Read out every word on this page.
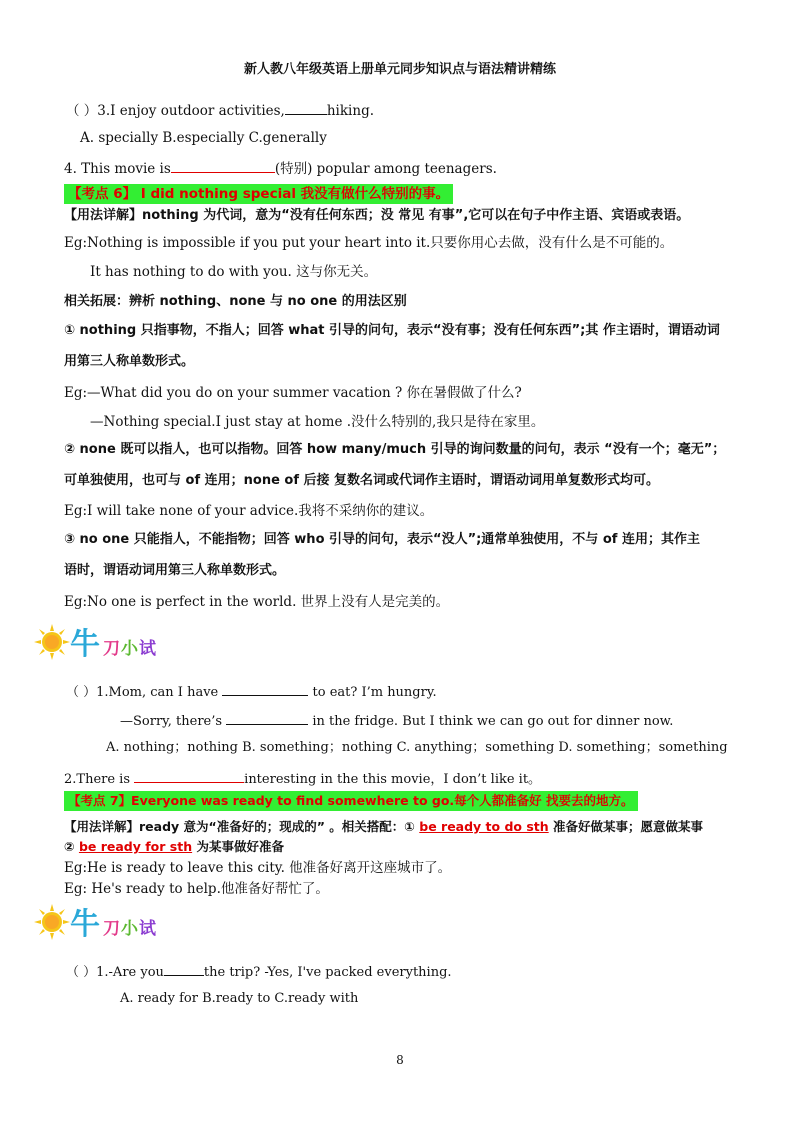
新人教八年级英语上册单元同步知识点与语法精讲精练
（ ）3.I enjoy outdoor activities,	hiking.
A. specially B.especially C.generally
4. This movie is	(特别) popular among teenagers.
【考点 6】 I did nothing special 我没有做什么特别的事。
【用法详解】nothing 为代词，意为“没有任何东西；没 常见 有事”,它可以在句子中作主语、宾语或表语。
Eg:Nothing is impossible if you put your heart into it.只要你用心去做，没有什么是不可能的。
It has nothing to do with you. 这与你无关。
相关拓展：辨析 nothing、none 与 no one 的用法区别
① nothing 只指事物，不指人；回答 what 引导的问句，表示“没有事；没有任何东西”;其 作主语时，谓语动词
用第三人称单数形式。
Eg:—What did you do on your summer vacation ? 你在暑假做了什么?
—Nothing special.I just stay at home .没什么特别的,我只是待在家里。
② none 既可以指人，也可以指物。回答 how many/much 引导的询问数量的问句，表示 “没有一个；毫无”；
可单独使用，也可与 of 连用；none of 后接 复数名词或代词作主语时，谓语动词用单复数形式均可。
Eg:I will take none of your advice.我将不采纳你的建议。
③ no one 只能指人，不能指物；回答 who 引导的问句，表示“没人”;通常单独使用，不与 of 连用；其作主
语时，谓语动词用第三人称单数形式。
Eg:No one is perfect in the world. 世界上没有人是完美的。
牛 刀 小 试
（ ）1.Mom, can I have	to eat? I’m hungry.
—Sorry, there’s	in the fridge. But I think we can go out for dinner now.
A. nothing；nothing B. something；nothing C. anything；something D. something；something
2.There is	interesting in the this movie，I don’t like it。
【考点 7】Everyone was ready to find somewhere to go.每个人都准备好 找要去的地方。
【用法详解】ready 意为“准备好的；现成的” 。相关搭配：① be ready to do sth 准备好做某事；愿意做某事
② be ready for sth 为某事做好准备
Eg:He is ready to leave this city. 他准备好离开这座城市了。
Eg: He's ready to help.他准备好帮忙了。
牛 刀 小 试
（ ）1.-Are you	the trip? -Yes, I've packed everything.
A. ready for B.ready to C.ready with
8
